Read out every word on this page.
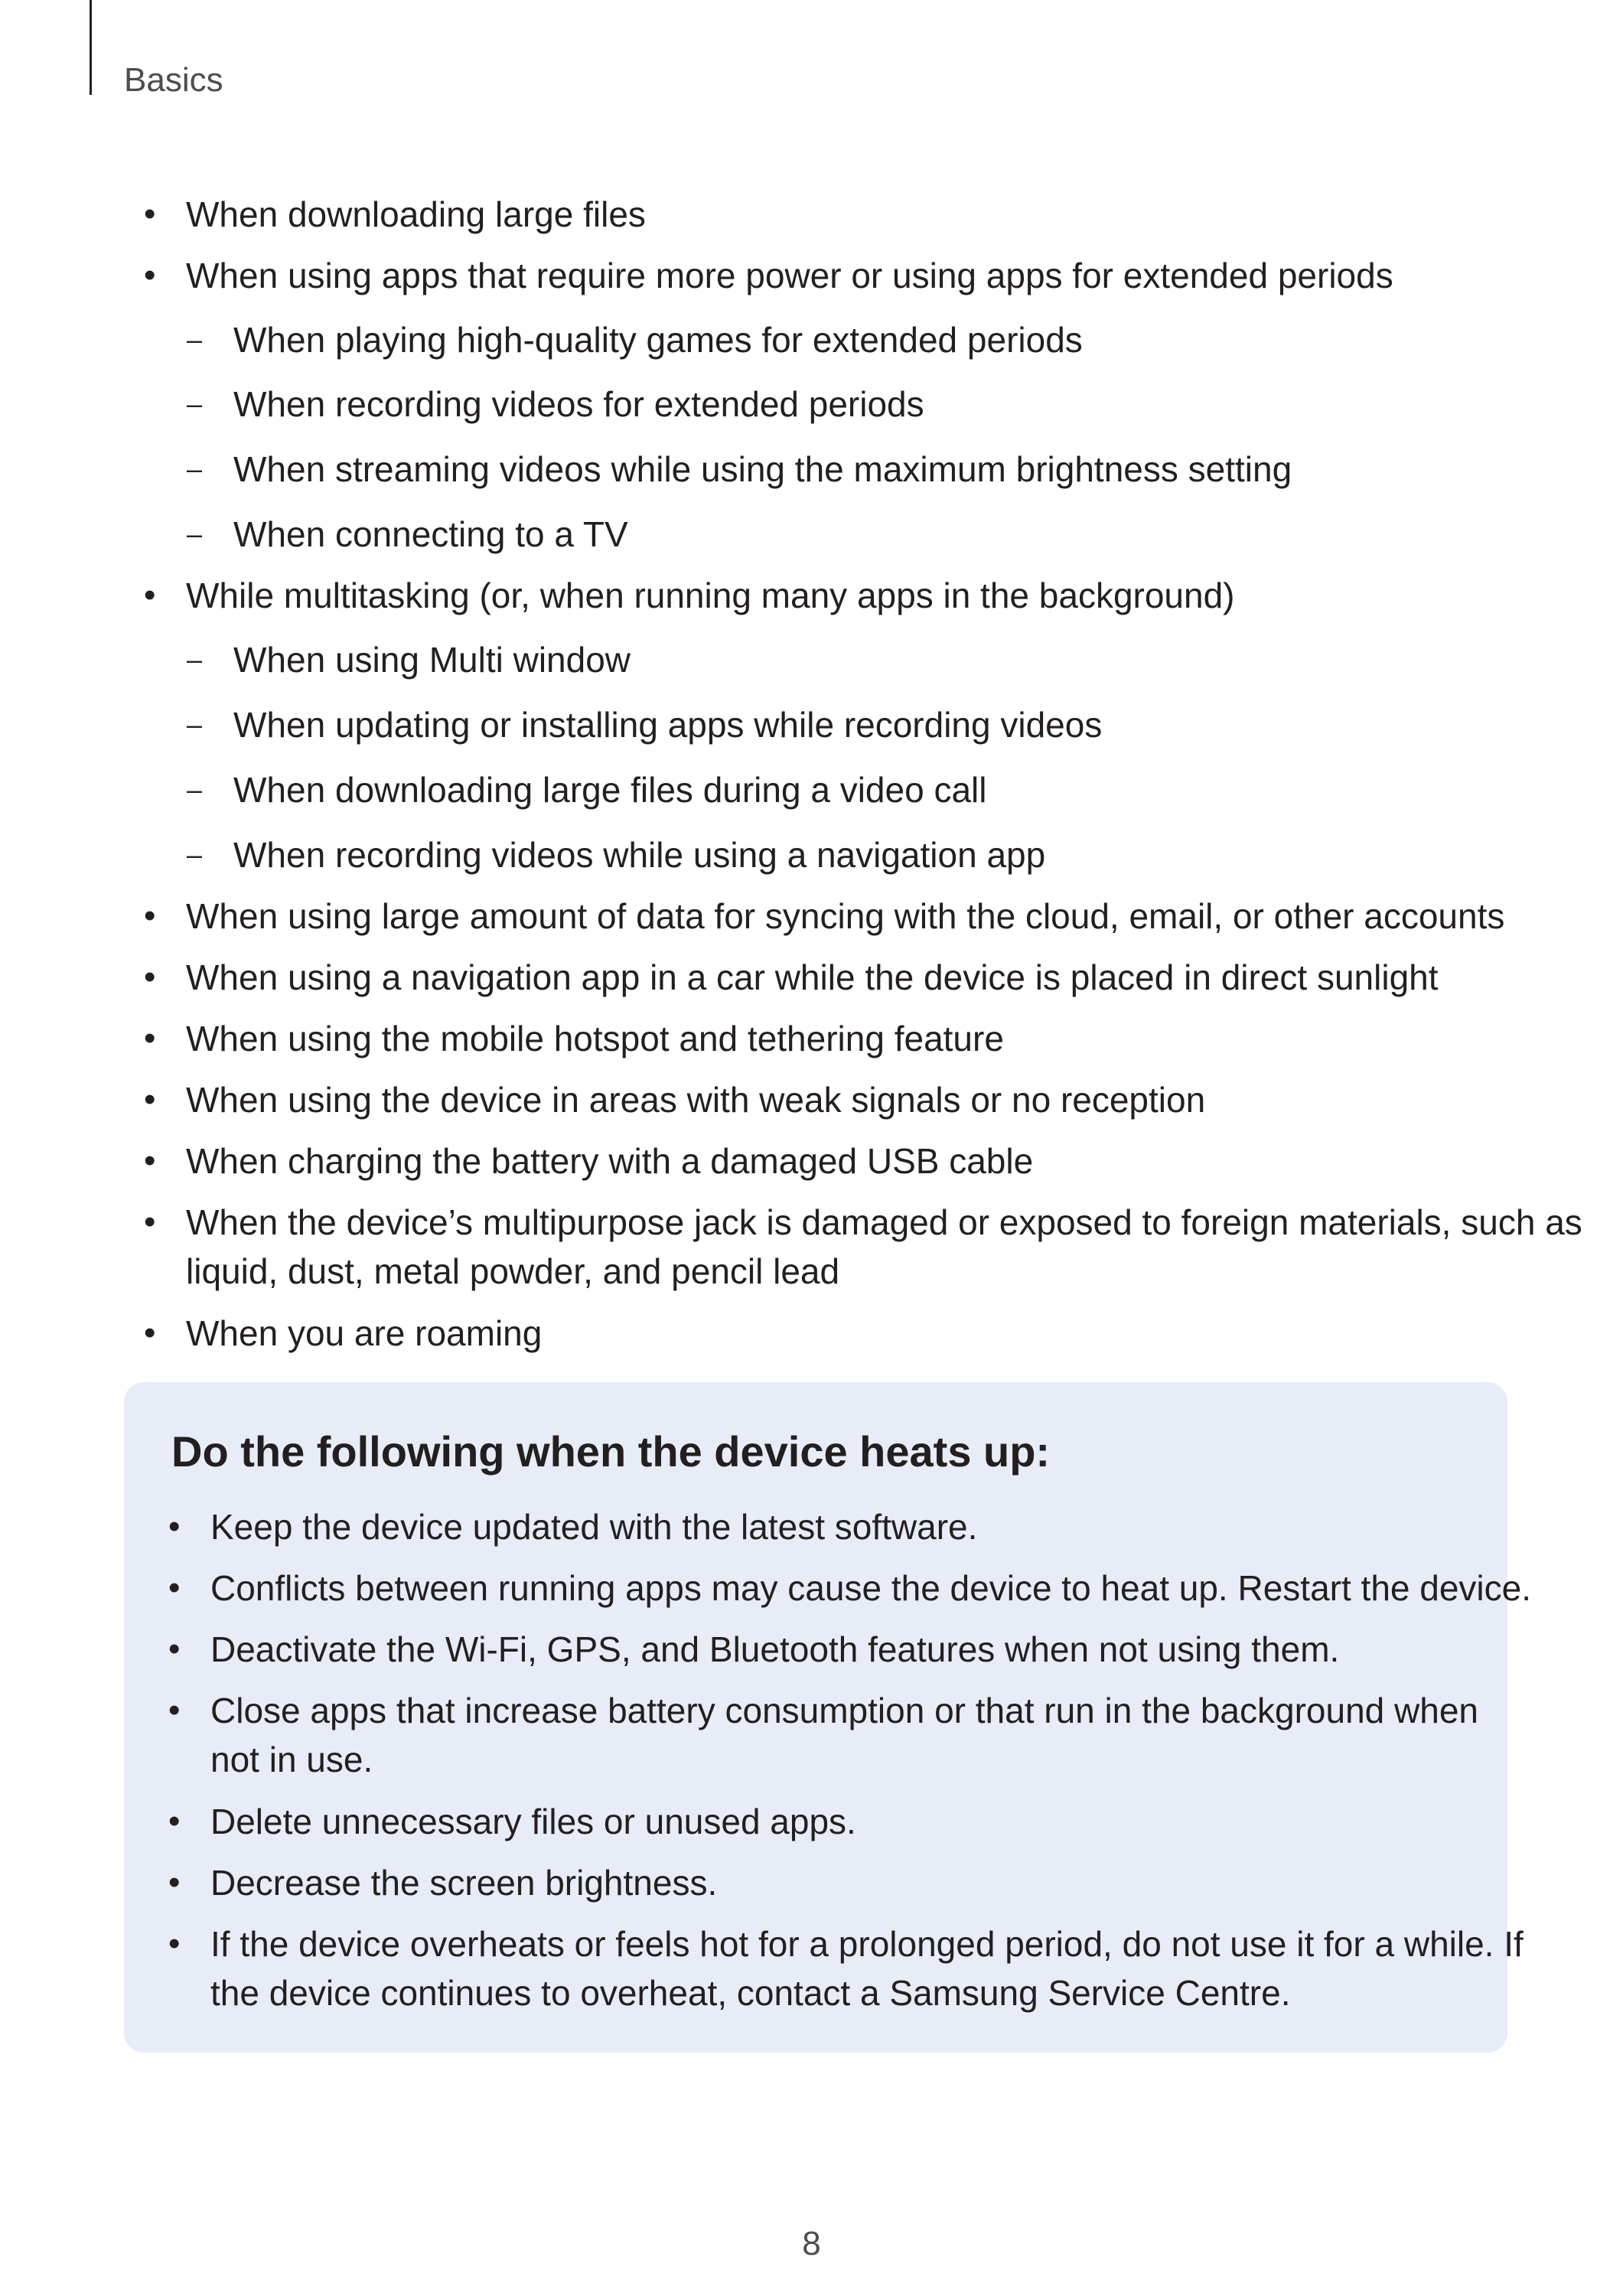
Basics
• When downloading large files

• When using apps that require more power or using apps for extended periods

– When playing high-quality games for extended periods

– When recording videos for extended periods

– When streaming videos while using the maximum brightness setting

– When connecting to a TV

• While multitasking (or, when running many apps in the background)

– When using Multi window

– When updating or installing apps while recording videos

– When downloading large files during a video call

– When recording videos while using a navigation app

• When using large amount of data for syncing with the cloud, email, or other accounts

• When using a navigation app in a car while the device is placed in direct sunlight

• When using the mobile hotspot and tethering feature

• When using the device in areas with weak signals or no reception

• When charging the battery with a damaged USB cable

• When the device’s multipurpose jack is damaged or exposed to foreign materials, such as

liquid, dust, metal powder, and pencil lead

• When you are roaming

Do the following when the device heats up:
• Keep the device updated with the latest software.

• Conflicts between running apps may cause the device to heat up. Restart the device.

• Deactivate the Wi-Fi, GPS, and Bluetooth features when not using them.

• Close apps that increase battery consumption or that run in the background when

not in use.

• Delete unnecessary files or unused apps.

• Decrease the screen brightness.

• If the device overheats or feels hot for a prolonged period, do not use it for a while. If

the device continues to overheat, contact a Samsung Service Centre.

8
